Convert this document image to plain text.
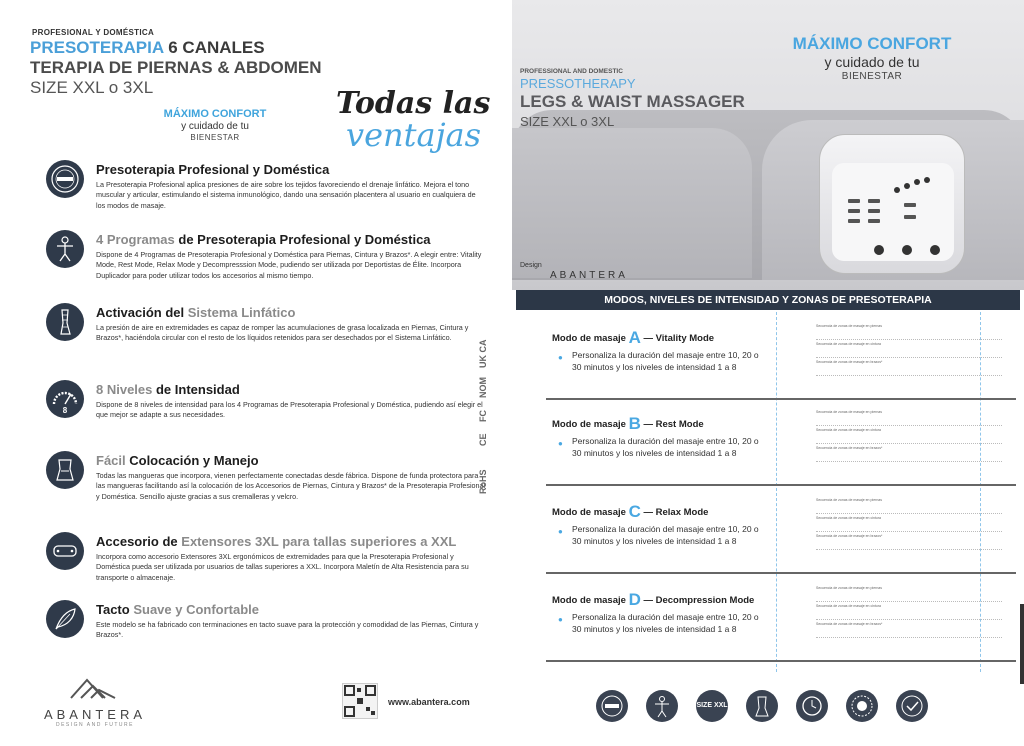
PROFESIONAL Y DOMÉSTICA
PRESOTERAPIA 6 CANALES
TERAPIA DE PIERNAS & ABDOMEN
SIZE XXL o 3XL
MÁXIMO CONFORT
y cuidado de tu
BIENESTAR
Todas las
ventajas
Presoterapia Profesional y Doméstica

La Presoterapia Profesional aplica presiones de aire sobre los tejidos favoreciendo el drenaje linfático. Mejora el tono muscular y articular, estimulando el sistema inmunológico, dando una sensación placentera al usuario en cualquiera de los modos de masaje.

4 Programas de Presoterapia Profesional y Doméstica

Dispone de 4 Programas de Presoterapia Profesional y Doméstica para Piernas, Cintura y Brazos*. A elegir entre: Vitality Mode, Rest Mode, Relax Mode y Decompresssion Mode, pudiendo ser utilizada por Deportistas de Élite. Incorpora Duplicador para poder utilizar todos los accesorios al mismo tiempo.

Activación del Sistema Linfático

La presión de aire en extremidades es capaz de romper las acumulaciones de grasa localizada en Piernas, Cintura y Brazos*, haciéndola circular con el resto de los líquidos retenidos para ser desechados por el Sistema Linfático.

8
8 Niveles de Intensidad

Dispone de 8 niveles de intensidad para los 4 Programas de Presoterapia Profesional y Doméstica, pudiendo así elegir el que mejor se adapte a sus necesidades.

Fácil Colocación y Manejo

Todas las mangueras que incorpora, vienen perfectamente conectadas desde fábrica. Dispone de funda protectora para las mangueras facilitando así la colocación de los Accesorios de Piernas, Cintura y Brazos* de la Presoterapia Profesional y Doméstica. Sencillo ajuste gracias a sus cremalleras y velcro.

Accesorio de Extensores 3XL para tallas superiores a XXL

Incorpora como accesorio Extensores 3XL ergonómicos de extremidades para que la Presoterapia Profesional y Doméstica pueda ser utilizada por usuarios de tallas superiores a XXL. Incorpora Maletín de Alta Resistencia para su transporte o almacenaje.

Tacto Suave y Confortable

Este modelo se ha fabricado con terminaciones en tacto suave para la protección y comodidad de las Piernas, Cintura y Brazos*.

UK CA
NOM
FC
CE
RoHS
ABANTERA
DESIGN AND FUTURE
www.abantera.com
PROFESSIONAL AND DOMESTIC
PRESSOTHERAPY
LEGS & WAIST MASSAGER
SIZE XXL o 3XL
MÁXIMO CONFORT
y cuidado de tu
BIENESTAR
Design
ABANTERA
MODOS, NIVELES DE INTENSIDAD Y ZONAS DE PRESOTERAPIA
Modo de masaje A — Vitality Mode
●	Personaliza la duración del masaje entre 10, 20 o 30 minutos y los niveles de intensidad 1 a 8
Secuencia de zonas de masaje en piernas
Secuencia de zonas de masaje en cintura
Secuencia de zonas de masaje en brazos*
Modo de masaje B — Rest Mode
●	Personaliza la duración del masaje entre 10, 20 o 30 minutos y los niveles de intensidad 1 a 8
Secuencia de zonas de masaje en piernas
Secuencia de zonas de masaje en cintura
Secuencia de zonas de masaje en brazos*
Modo de masaje C — Relax Mode
●	Personaliza la duración del masaje entre 10, 20 o 30 minutos y los niveles de intensidad 1 a 8
Secuencia de zonas de masaje en piernas
Secuencia de zonas de masaje en cintura
Secuencia de zonas de masaje en brazos*
Modo de masaje D — Decompression Mode
●	Personaliza la duración del masaje entre 10, 20 o 30 minutos y los niveles de intensidad 1 a 8
Secuencia de zonas de masaje en piernas
Secuencia de zonas de masaje en cintura
Secuencia de zonas de masaje en brazos*
SIZE XXL
